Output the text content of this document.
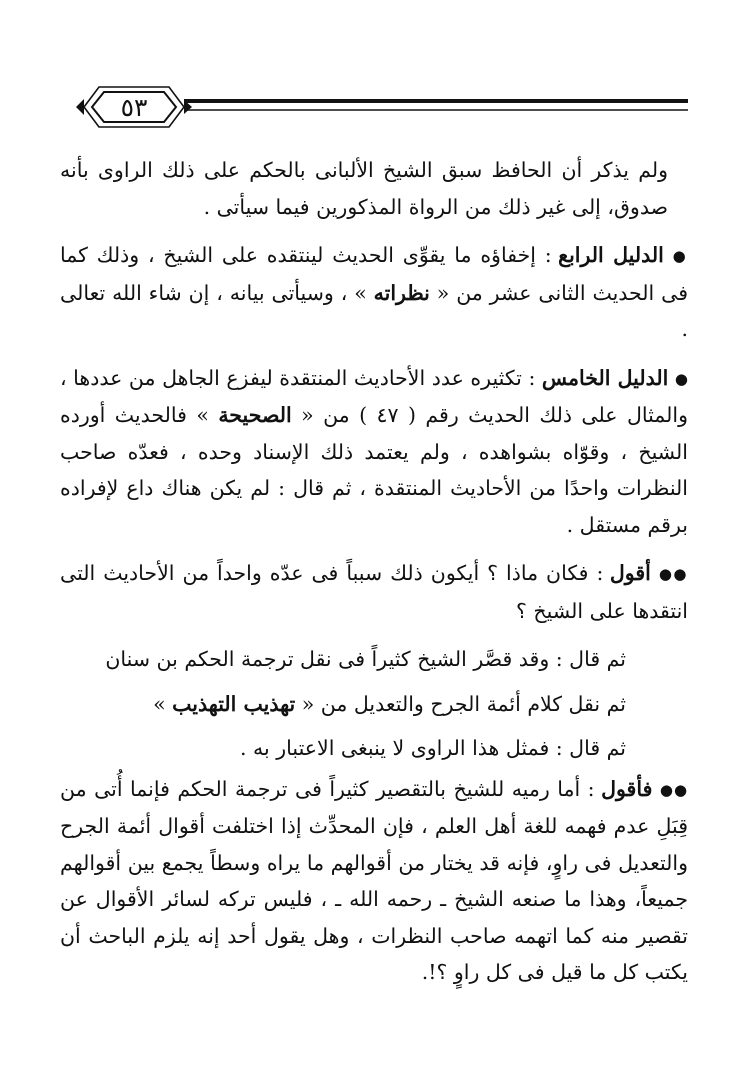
٥٣

ولم يذكر أن الحافظ سبق الشيخ الألبانى بالحكم على ذلك الراوى بأنه صدوق، إلى غير ذلك من الرواة المذكورين فيما سيأتى .

● الدليل الرابع : إخفاؤه ما يقوِّى الحديث لينتقده على الشيخ ، وذلك كما فى الحديث الثانى عشر من « نظراته » ، وسيأتى بيانه ، إن شاء الله تعالى .

● الدليل الخامس : تكثيره عدد الأحاديث المنتقدة ليفزع الجاهل من عددها ، والمثال على ذلك الحديث رقم ( ٤٧ ) من « الصحيحة » فالحديث أورده الشيخ ، وقوّاه بشواهده ، ولم يعتمد ذلك الإسناد وحده ، فعدّه صاحب النظرات واحدًا من الأحاديث المنتقدة ، ثم قال : لم يكن هناك داع لإفراده برقم مستقل .

●● أقول : فكان ماذا ؟ أيكون ذلك سبباً فى عدّه واحداً من الأحاديث التى انتقدها على الشيخ ؟

ثم قال : وقد قصَّر الشيخ كثيراً فى نقل ترجمة الحكم بن سنان

ثم نقل كلام أئمة الجرح والتعديل من « تهذيب التهذيب »

ثم قال : فمثل هذا الراوى لا ينبغى الاعتبار به .

●● فأقول : أما رميه للشيخ بالتقصير كثيراً فى ترجمة الحكم فإنما أُتى من قِبَلِ عدم فهمه للغة أهل العلم ، فإن المحدِّث إذا اختلفت أقوال أئمة الجرح والتعديل فى راوٍ، فإنه قد يختار من أقوالهم ما يراه وسطاً يجمع بين أقوالهم جميعاً، وهذا ما صنعه الشيخ ـ رحمه الله ـ ، فليس تركه لسائر الأقوال عن تقصير منه كما اتهمه صاحب النظرات ، وهل يقول أحد إنه يلزم الباحث أن يكتب كل ما قيل فى كل راوٍ ؟!.
